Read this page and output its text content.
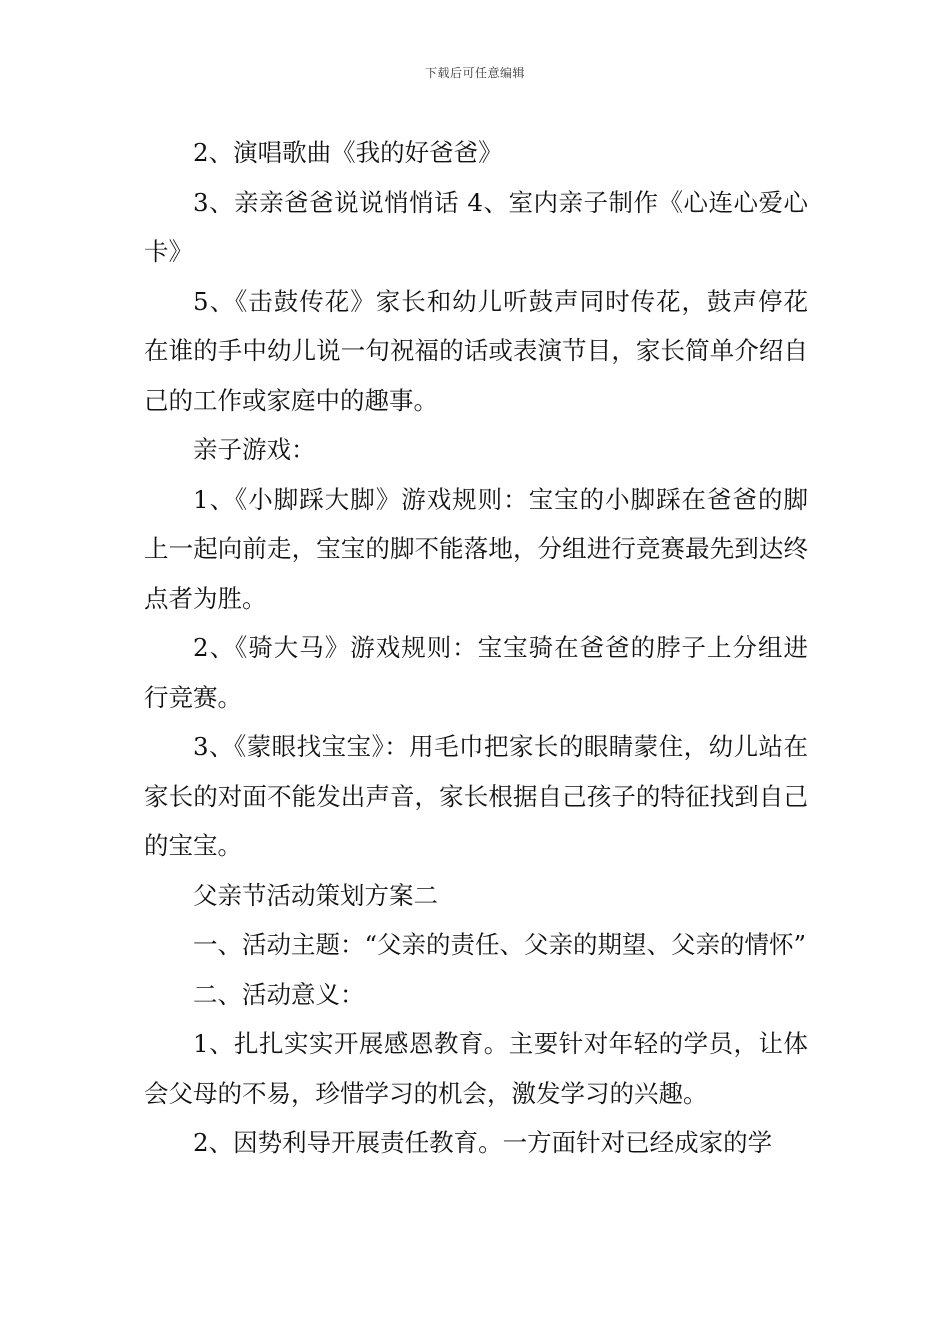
下载后可任意编辑

2、演唱歌曲《我的好爸爸》

3、亲亲爸爸说说悄悄话 4、室内亲子制作《心连心爱心卡》

5、《击鼓传花》家长和幼儿听鼓声同时传花，鼓声停花在谁的手中幼儿说一句祝福的话或表演节目，家长简单介绍自己的工作或家庭中的趣事。

亲子游戏：

1、《小脚踩大脚》游戏规则：宝宝的小脚踩在爸爸的脚上一起向前走，宝宝的脚不能落地，分组进行竞赛最先到达终点者为胜。

2、《骑大马》游戏规则：宝宝骑在爸爸的脖子上分组进行竞赛。

3、《蒙眼找宝宝》：用毛巾把家长的眼睛蒙住，幼儿站在家长的对面不能发出声音，家长根据自己孩子的特征找到自己的宝宝。

父亲节活动策划方案二

一、活动主题：“父亲的责任、父亲的期望、父亲的情怀”

二、活动意义：

1、扎扎实实开展感恩教育。主要针对年轻的学员，让体会父母的不易，珍惜学习的机会，激发学习的兴趣。

2、因势利导开展责任教育。一方面针对已经成家的学
